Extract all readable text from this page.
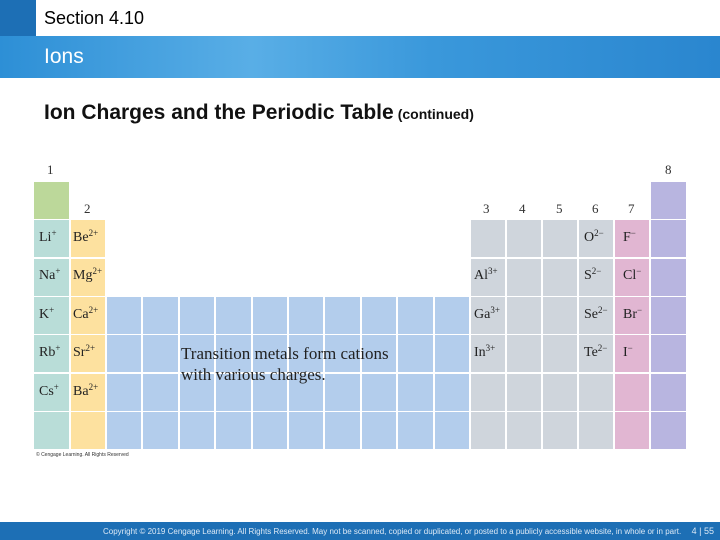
Section 4.10
Ions
Ion Charges and the Periodic Table (continued)
1
2	3 4 5 6 7
8
Li+
Na+
K+
Rb+
Cs+
$Be^{2+}$
$Mg^{2+}$
$Ca^{2+}$
$Sr^{2+}$
$Ba^{2+}$
$Al^{3+}$
$Ga^{3+}$
$In^{3+}$
$O^{2-}$
$S^{2-}$
$Se^{2-}$
$Te^{2-}$
F−
Cl−
Br−
I−
Transition metals form cations
with various charges.
© Cengage Learning. All Rights Reserved
Copyright © 2019 Cengage Learning. All Rights Reserved. May not be scanned, copied or duplicated, or posted to a publicly accessible website, in whole or in part. 4 | 55
